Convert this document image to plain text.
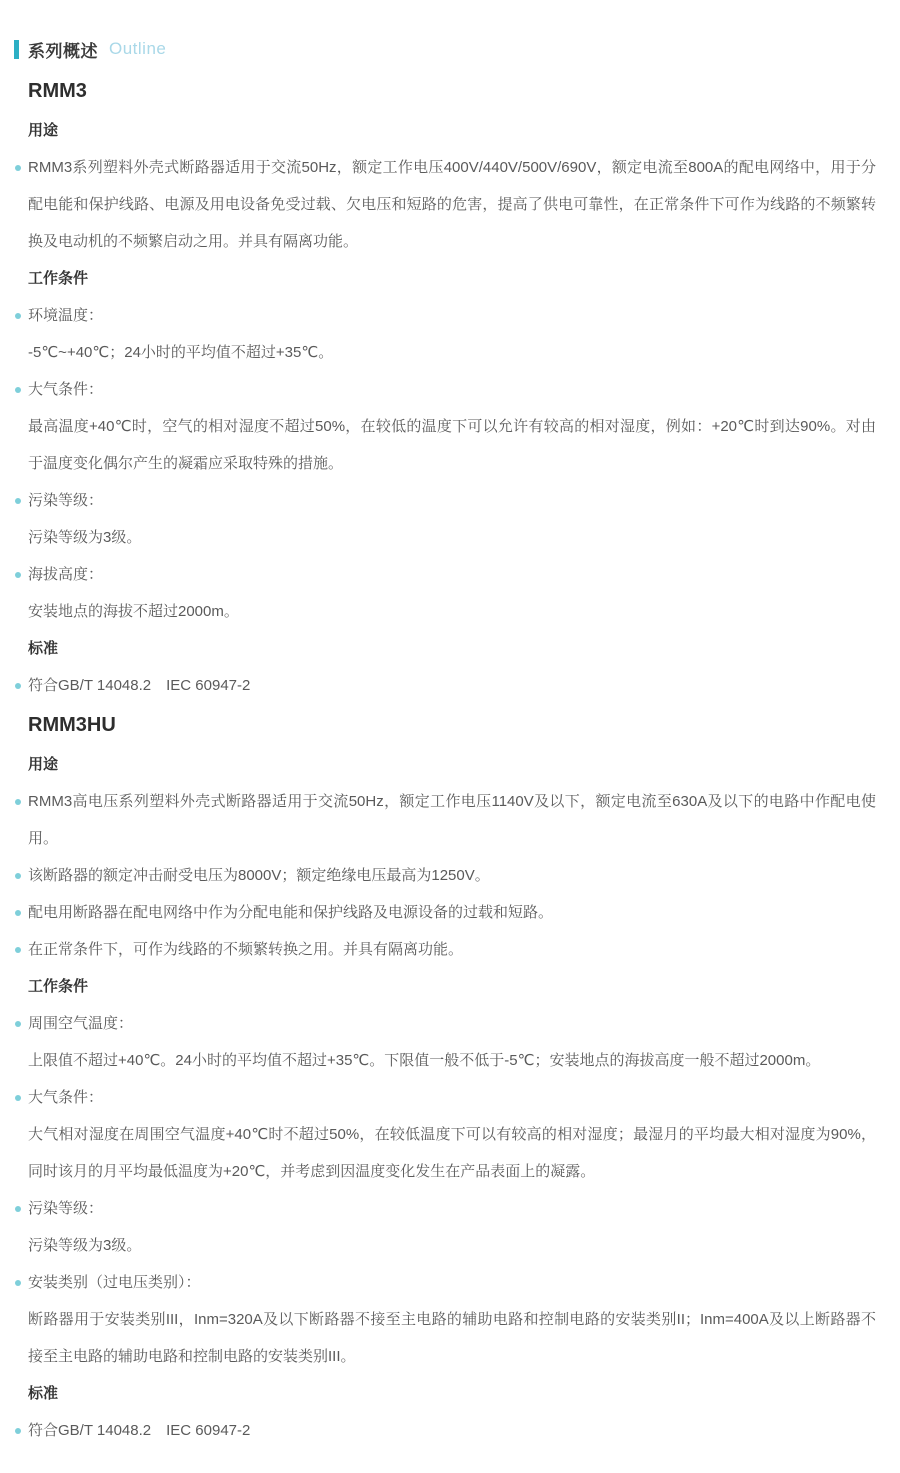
系列概述 Outline
RMM3
用途
RMM3系列塑料外壳式断路器适用于交流50Hz，额定工作电压400V/440V/500V/690V，额定电流至800A的配电网络中，用于分配电能和保护线路、电源及用电设备免受过载、欠电压和短路的危害，提高了供电可靠性，在正常条件下可作为线路的不频繁转换及电动机的不频繁启动之用。并具有隔离功能。
工作条件
环境温度：
-5℃~+40℃；24小时的平均值不超过+35℃。
大气条件：
最高温度+40℃时，空气的相对湿度不超过50%，在较低的温度下可以允许有较高的相对湿度，例如：+20℃时到达90%。对由于温度变化偶尔产生的凝霜应采取特殊的措施。
污染等级：
污染等级为3级。
海拔高度：
安装地点的海拔不超过2000m。
标准
符合GB/T 14048.2　IEC 60947-2
RMM3HU
用途
RMM3高电压系列塑料外壳式断路器适用于交流50Hz，额定工作电压1140V及以下，额定电流至630A及以下的电路中作配电使用。
该断路器的额定冲击耐受电压为8000V；额定绝缘电压最高为1250V。
配电用断路器在配电网络中作为分配电能和保护线路及电源设备的过载和短路。
在正常条件下，可作为线路的不频繁转换之用。并具有隔离功能。
工作条件
周围空气温度：
上限值不超过+40℃。24小时的平均值不超过+35℃。下限值一般不低于-5℃；安装地点的海拔高度一般不超过2000m。
大气条件：
大气相对湿度在周围空气温度+40℃时不超过50%，在较低温度下可以有较高的相对湿度；最湿月的平均最大相对湿度为90%，同时该月的月平均最低温度为+20℃，并考虑到因温度变化发生在产品表面上的凝露。
污染等级：
污染等级为3级。
安装类别（过电压类别）：
断路器用于安装类别III，Inm=320A及以下断路器不接至主电路的辅助电路和控制电路的安装类别II；Inm=400A及以上断路器不接至主电路的辅助电路和控制电路的安装类别III。
标准
符合GB/T 14048.2　IEC 60947-2
